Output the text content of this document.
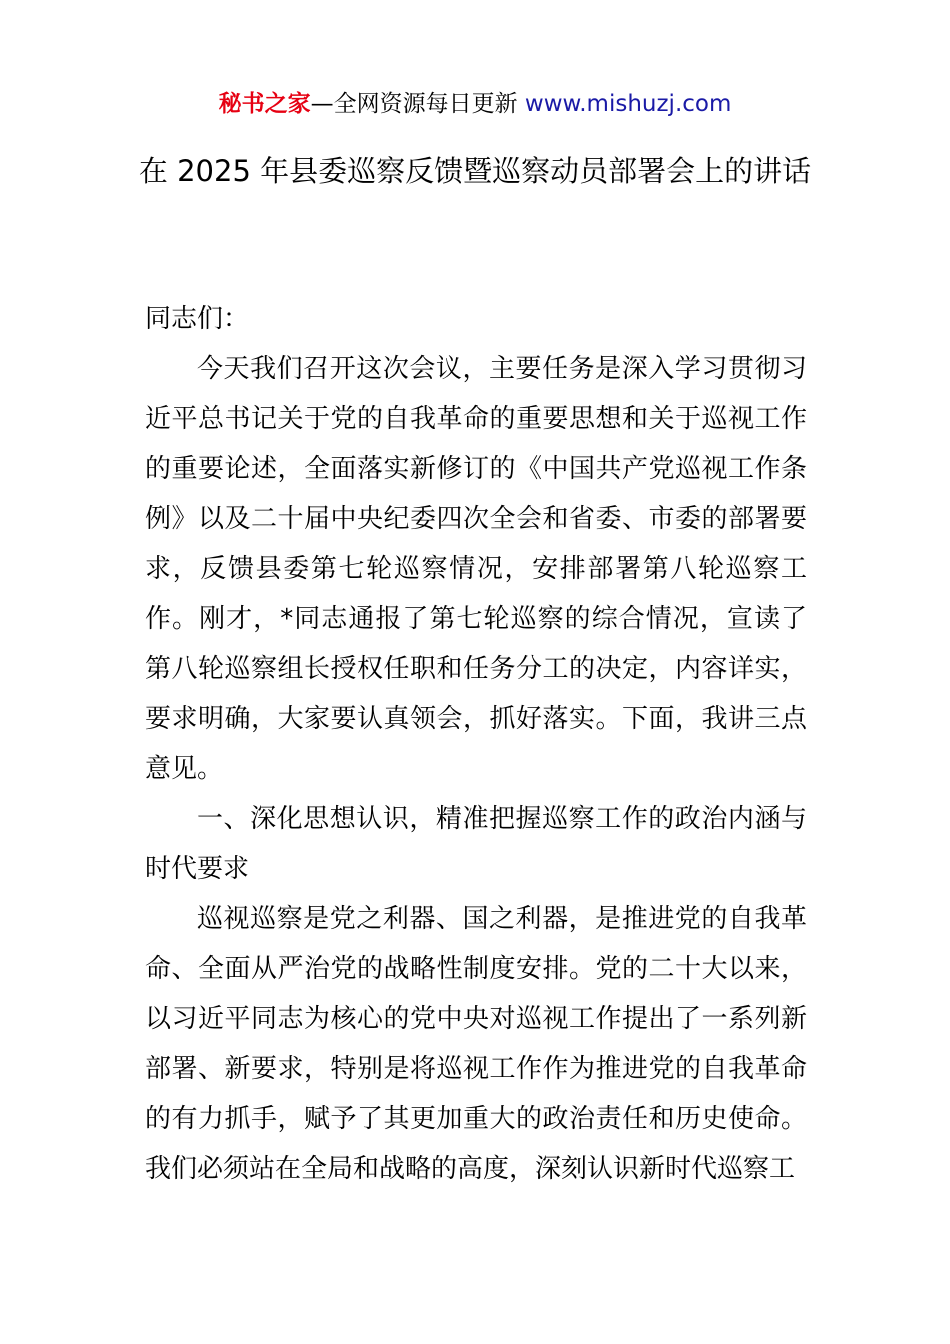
秘书之家—全网资源每日更新 www.mishuzj.com
在 2025 年县委巡察反馈暨巡察动员部署会上的讲话

同志们：

今天我们召开这次会议，主要任务是深入学习贯彻习近平总书记关于党的自我革命的重要思想和关于巡视工作的重要论述，全面落实新修订的《中国共产党巡视工作条例》以及二十届中央纪委四次全会和省委、市委的部署要求，反馈县委第七轮巡察情况，安排部署第八轮巡察工作。刚才，*同志通报了第七轮巡察的综合情况，宣读了第八轮巡察组长授权任职和任务分工的决定，内容详实，要求明确，大家要认真领会，抓好落实。下面，我讲三点意见。

一、深化思想认识，精准把握巡察工作的政治内涵与时代要求

巡视巡察是党之利器、国之利器，是推进党的自我革命、全面从严治党的战略性制度安排。党的二十大以来，以习近平同志为核心的党中央对巡视工作提出了一系列新部署、新要求，特别是将巡视工作作为推进党的自我革命的有力抓手，赋予了其更加重大的政治责任和历史使命。我们必须站在全局和战略的高度，深刻认识新时代巡察工
